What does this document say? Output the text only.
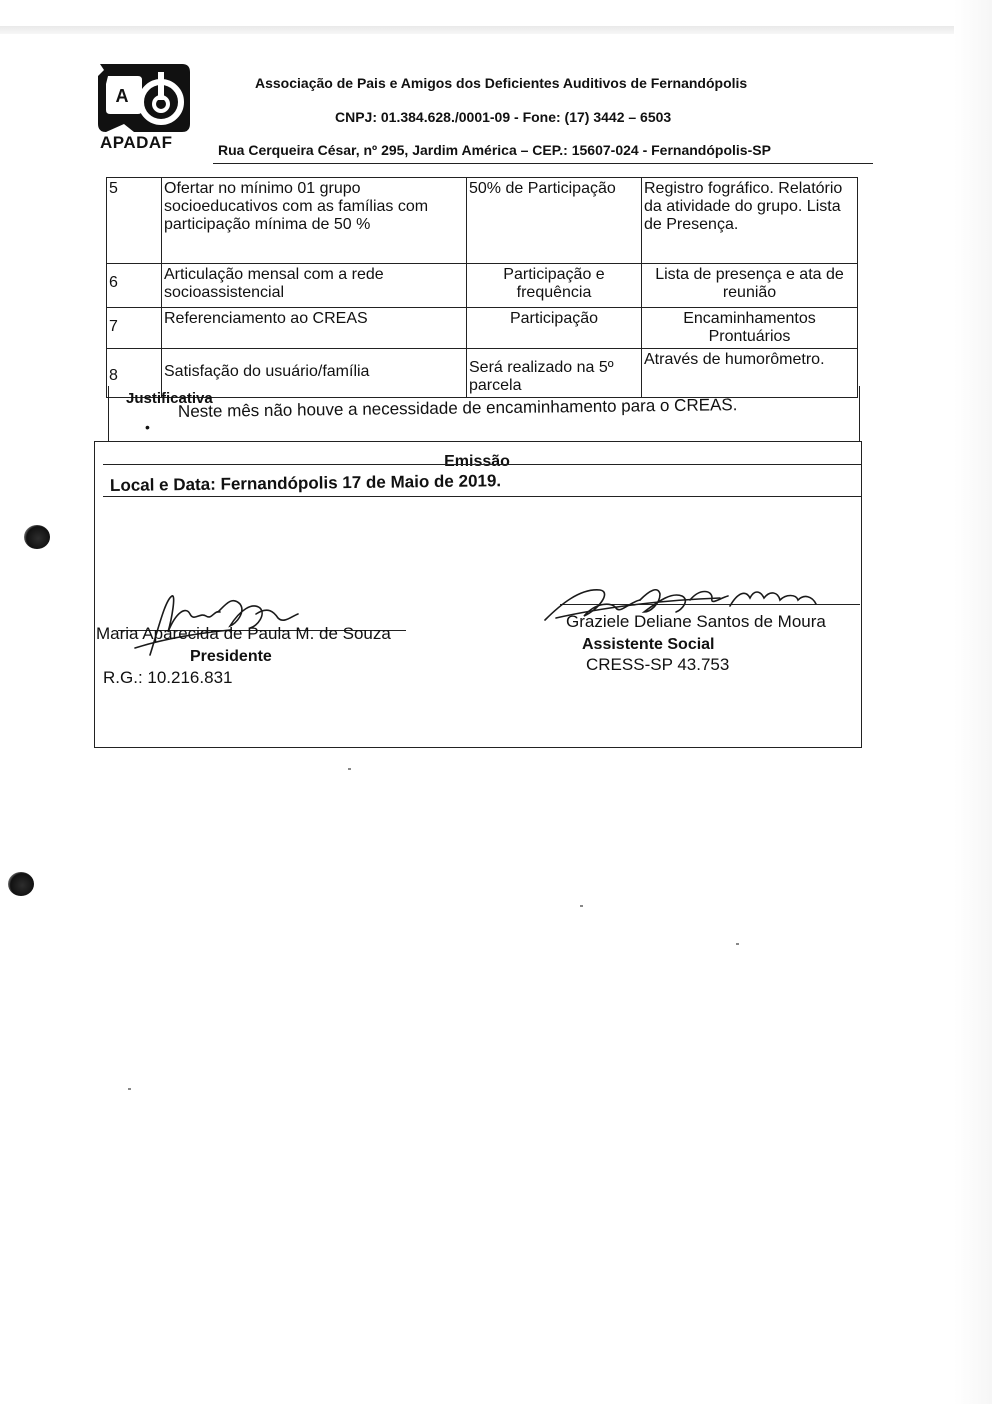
A
APADAF
Associação de Pais e Amigos dos Deficientes Auditivos de Fernandópolis
CNPJ: 01.384.628./0001-09 - Fone: (17) 3442 – 6503
Rua Cerqueira César, nº 295, Jardim América – CEP.: 15607-024 - Fernandópolis-SP
5	Ofertar no mínimo 01 grupo socioeducativos com as famílias com participação mínima de 50 %	50% de Participação	Registro fográfico. Relatório da atividade do grupo. Lista de Presença.
6	Articulação mensal com a rede socioassistencial	Participação e frequência	Lista de presença e ata de reunião
7	Referenciamento ao CREAS	Participação	Encaminhamentos Prontuários
8	Satisfação do usuário/família	Será realizado na 5º parcela	Através de humorômetro.
Justificativa
•
Neste mês não houve a necessidade de encaminhamento para o CREAS.
Emissão
Local e Data: Fernandópolis 17 de Maio de 2019.
Maria Aparecida de Paula M. de Souza
Presidente
R.G.: 10.216.831
Graziele Deliane Santos de Moura
Assistente Social
CRESS-SP 43.753
